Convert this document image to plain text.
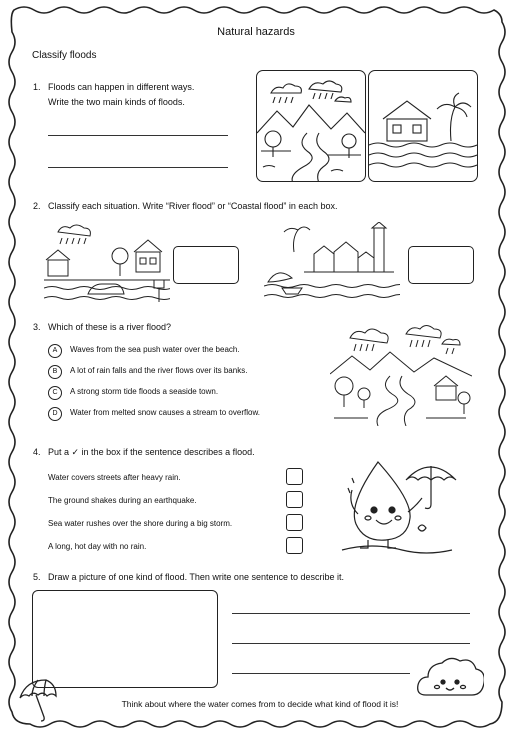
Natural hazards
Classify floods
1. Floods can happen in different ways.
Write the two main kinds of floods.
2. Classify each situation. Write “River flood” or “Coastal flood” in each box.
3. Which of these is a river flood?
A	Waves from the sea push water over the beach.
B	A lot of rain falls and the river flows over its banks.
C	A strong storm tide floods a seaside town.
D	Water from melted snow causes a stream to overflow.
4. Put a ✓ in the box if the sentence describes a flood.
Water covers streets after heavy rain.
The ground shakes during an earthquake.
Sea water rushes over the shore during a big storm.
A long, hot day with no rain.
5. Draw a picture of one kind of flood. Then write one sentence to describe it.
Think about where the water comes from to decide what kind of flood it is!
